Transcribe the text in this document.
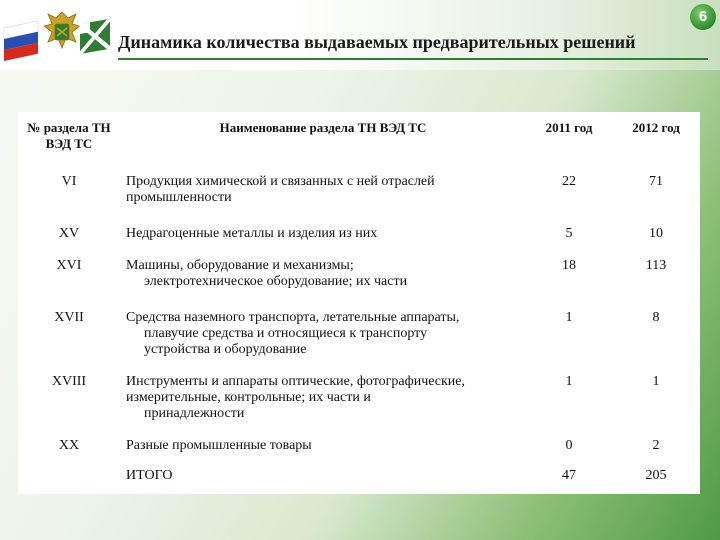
6
Динамика количества выдаваемых предварительных решений
№ раздела ТН ВЭД ТС	Наименование раздела ТН ВЭД ТС	2011 год	2012 год
VI	Продукция химической и связанных с ней отраслей
промышленности	22	71
XV	Недрагоценные металлы и изделия из них	5	10
XVI	Машины, оборудование и механизмы;
электротехническое оборудование; их части	18	113
XVII	Средства наземного транспорта, летательные аппараты,
плавучие средства и относящиеся к транспорту
устройства и оборудование	1	8
XVIII	Инструменты и аппараты оптические, фотографические,
измерительные, контрольные; их части и
принадлежности	1	1
XX	Разные промышленные товары	0	2
	ИТОГО	47	205
